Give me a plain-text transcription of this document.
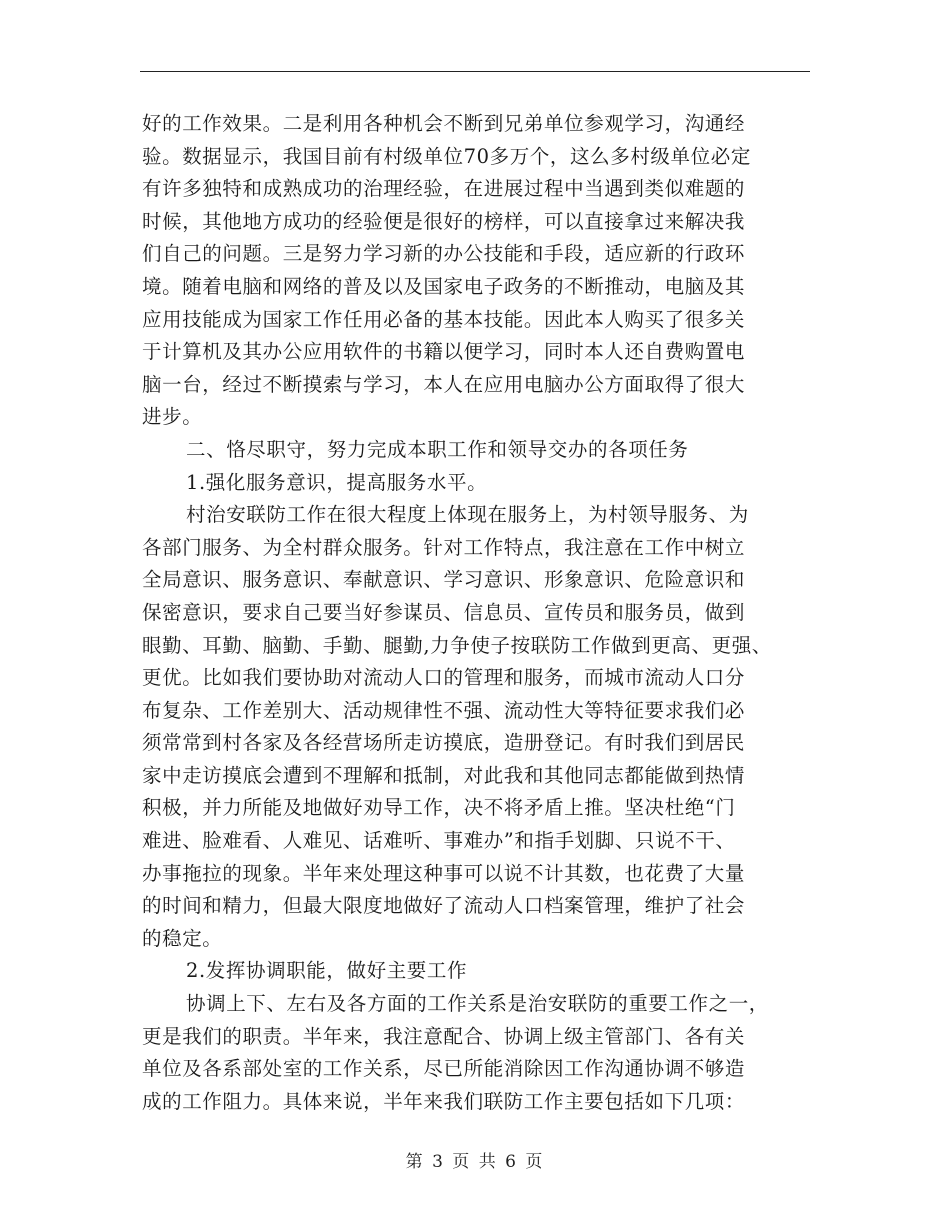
好的工作效果。二是利用各种机会不断到兄弟单位参观学习，沟通经
验。数据显示，我国目前有村级单位70多万个，这么多村级单位必定
有许多独特和成熟成功的治理经验，在进展过程中当遇到类似难题的
时候，其他地方成功的经验便是很好的榜样，可以直接拿过来解决我
们自己的问题。三是努力学习新的办公技能和手段，适应新的行政环
境。随着电脑和网络的普及以及国家电子政务的不断推动，电脑及其
应用技能成为国家工作任用必备的基本技能。因此本人购买了很多关
于计算机及其办公应用软件的书籍以便学习，同时本人还自费购置电
脑一台，经过不断摸索与学习，本人在应用电脑办公方面取得了很大
进步。
二、恪尽职守，努力完成本职工作和领导交办的各项任务
1.强化服务意识，提高服务水平。
村治安联防工作在很大程度上体现在服务上，为村领导服务、为
各部门服务、为全村群众服务。针对工作特点，我注意在工作中树立
全局意识、服务意识、奉献意识、学习意识、形象意识、危险意识和
保密意识，要求自己要当好参谋员、信息员、宣传员和服务员，做到
眼勤、耳勤、脑勤、手勤、腿勤,力争使子按联防工作做到更高、更强、
更优。比如我们要协助对流动人口的管理和服务，而城市流动人口分
布复杂、工作差别大、活动规律性不强、流动性大等特征要求我们必
须常常到村各家及各经营场所走访摸底，造册登记。有时我们到居民
家中走访摸底会遭到不理解和抵制，对此我和其他同志都能做到热情
积极，并力所能及地做好劝导工作，决不将矛盾上推。坚决杜绝“门
难进、脸难看、人难见、话难听、事难办”和指手划脚、只说不干、
办事拖拉的现象。半年来处理这种事可以说不计其数，也花费了大量
的时间和精力，但最大限度地做好了流动人口档案管理，维护了社会
的稳定。
2.发挥协调职能，做好主要工作
协调上下、左右及各方面的工作关系是治安联防的重要工作之一，
更是我们的职责。半年来，我注意配合、协调上级主管部门、各有关
单位及各系部处室的工作关系，尽已所能消除因工作沟通协调不够造
成的工作阻力。具体来说，半年来我们联防工作主要包括如下几项：
第 3 页 共 6 页
